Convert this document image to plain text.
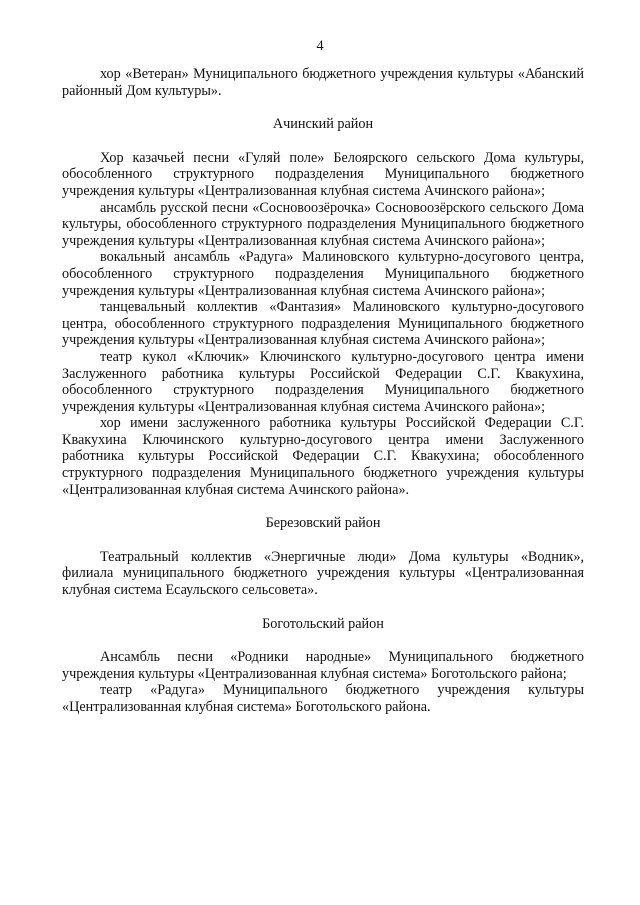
4

хор «Ветеран» Муниципального бюджетного учреждения культуры «Абанский районный Дом культуры».

Ачинский район

Хор казачьей песни «Гуляй поле» Белоярского сельского Дома культуры, обособленного структурного подразделения Муниципального бюджетного учреждения культуры «Централизованная клубная система Ачинского района»;

ансамбль русской песни «Сосновоозёрочка» Сосновоозёрского сельского Дома культуры, обособленного структурного подразделения Муниципального бюджетного учреждения культуры «Централизованная клубная система Ачинского района»;

вокальный ансамбль «Радуга» Малиновского культурно-досугового центра, обособленного структурного подразделения Муниципального бюджетного учреждения культуры «Централизованная клубная система Ачинского района»;

танцевальный коллектив «Фантазия» Малиновского культурно-досугового центра, обособленного структурного подразделения Муниципального бюджетного учреждения культуры «Централизованная клубная система Ачинского района»;

театр кукол «Ключик» Ключинского культурно-досугового центра имени Заслуженного работника культуры Российской Федерации С.Г. Квакухина, обособленного структурного подразделения Муниципального бюджетного учреждения культуры «Централизованная клубная система Ачинского района»;

хор имени заслуженного работника культуры Российской Федерации С.Г. Квакухина Ключинского культурно-досугового центра имени Заслуженного работника культуры Российской Федерации С.Г. Квакухина; обособленного структурного подразделения Муниципального бюджетного учреждения культуры «Централизованная клубная система Ачинского района».

Березовский район

Театральный коллектив «Энергичные люди» Дома культуры «Водник», филиала муниципального бюджетного учреждения культуры «Централизованная клубная система Есаульского сельсовета».

Боготольский район

Ансамбль песни «Родники народные» Муниципального бюджетного учреждения культуры «Централизованная клубная система» Боготольского района;

театр «Радуга» Муниципального бюджетного учреждения культуры «Централизованная клубная система» Боготольского района.
